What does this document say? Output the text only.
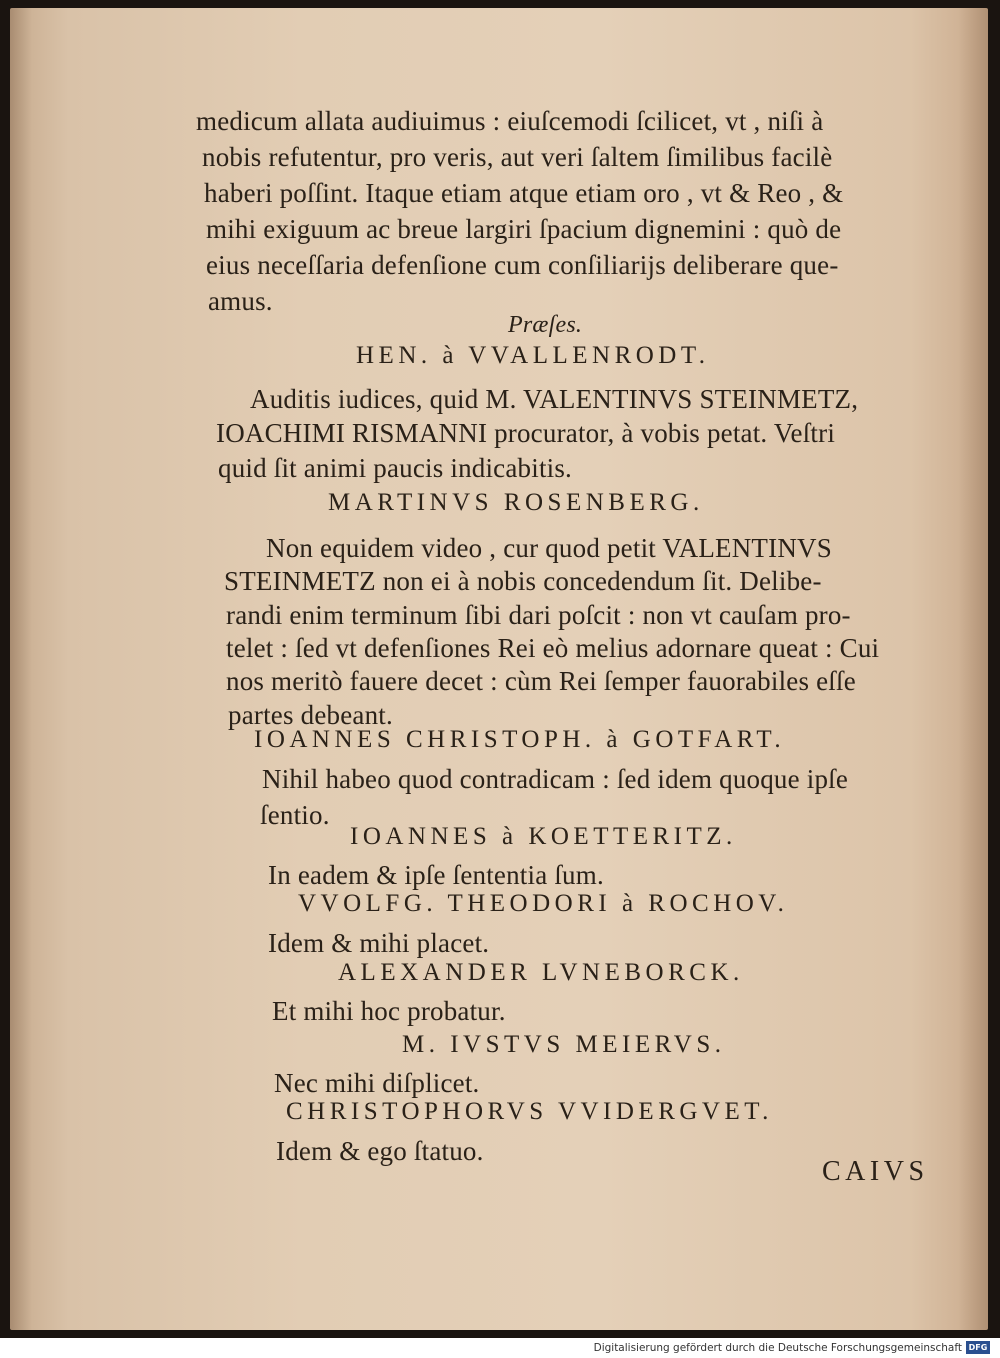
medicum allata audiuimus : eiuſcemodi ſcilicet, vt , niſi à
nobis refutentur, pro veris, aut veri ſaltem ſimilibus facilè
haberi poſſint. Itaque etiam atque etiam oro , vt & Reo , &
mihi exiguum ac breue largiri ſpacium dignemini : quò de
eius neceſſaria defenſione cum conſiliarijs deliberare que-
amus.
Præſes.
HEN. à VVALLENRODT.
Auditis iudices, quid M. VALENTINVS STEINMETZ,
IOACHIMI RISMANNI procurator, à vobis petat. Veſtri
quid ſit animi paucis indicabitis.
MARTINVS ROSENBERG.
Non equidem video , cur quod petit VALENTINVS
STEINMETZ non ei à nobis concedendum ſit. Delibe-
randi enim terminum ſibi dari poſcit : non vt cauſam pro-
telet : ſed vt defenſiones Rei eò melius adornare queat : Cui
nos meritò fauere decet : cùm Rei ſemper fauorabiles eſſe
partes debeant.
IOANNES CHRISTOPH. à GOTFART.
Nihil habeo quod contradicam : ſed idem quoque ipſe
ſentio.
IOANNES à KOETTERITZ.
In eadem & ipſe ſententia ſum.
VVOLFG. THEODORI à ROCHOV.
Idem & mihi placet.
ALEXANDER LVNEBORCK.
Et mihi hoc probatur.
M. IVSTVS MEIERVS.
Nec mihi diſplicet.
CHRISTOPHORVS VVIDERGVET.
Idem & ego ſtatuo.
CAIVS
Digitalisierung gefördert durch die Deutsche Forschungsgemeinschaft DFG
